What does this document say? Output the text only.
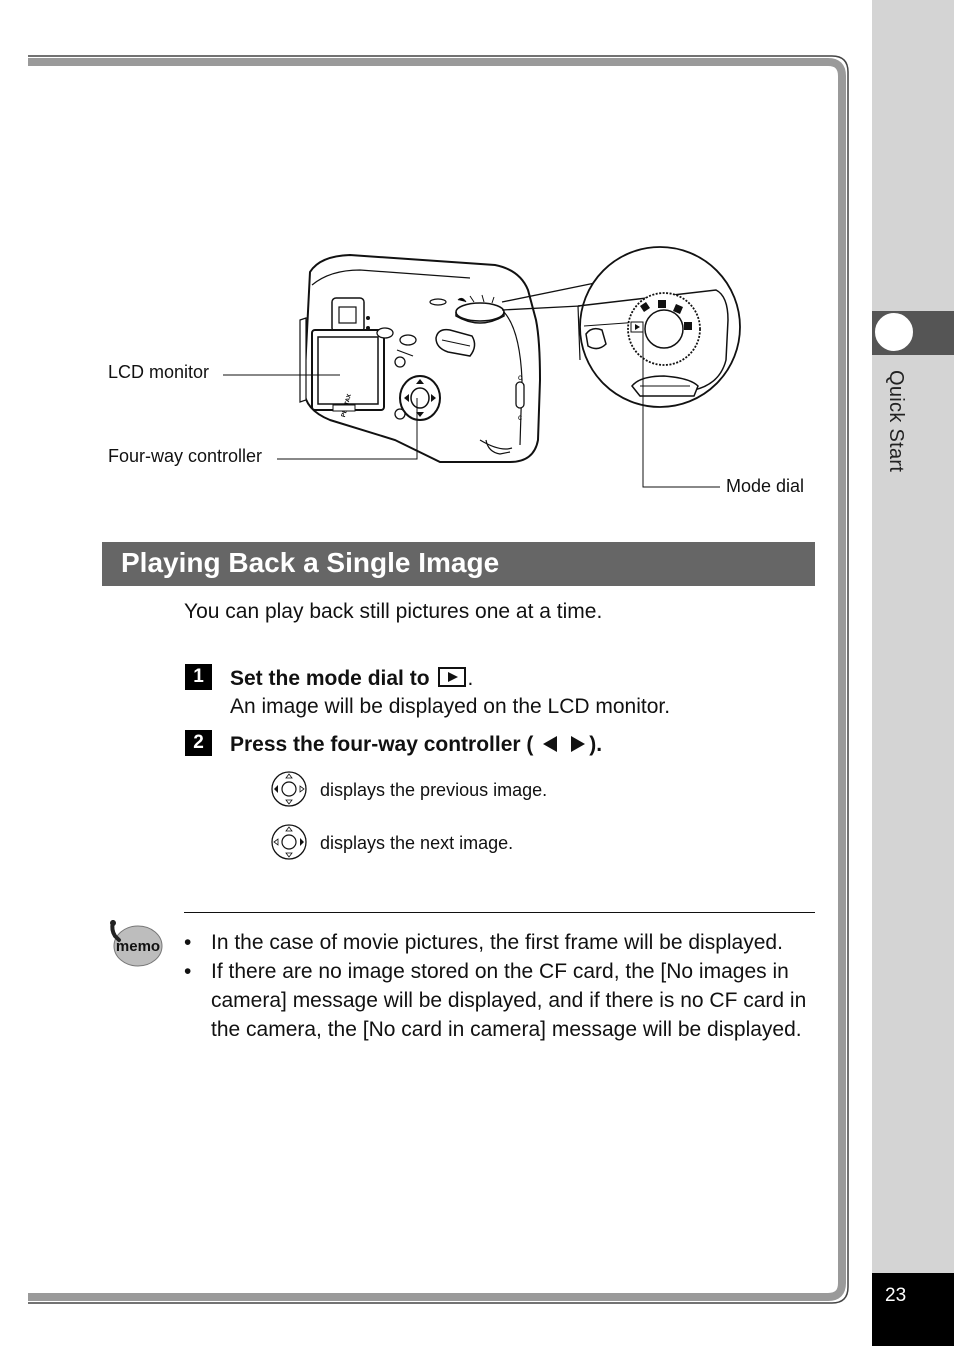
Quick Start
23
c
c
LCD monitor
Four-way controller
Mode dial
Playing Back a Single Image
You can play back still pictures one at a time.
1	Set the mode dial to .
An image will be displayed on the LCD monitor.
2	Press the four-way controller (	).
displays the previous image.
displays the next image.
memo • In the case of movie pictures, the first frame will be displayed.
• If there are no image stored on the CF card, the [No images in camera] message will be displayed, and if there is no CF card in the camera, the [No card in camera] message will be displayed.
